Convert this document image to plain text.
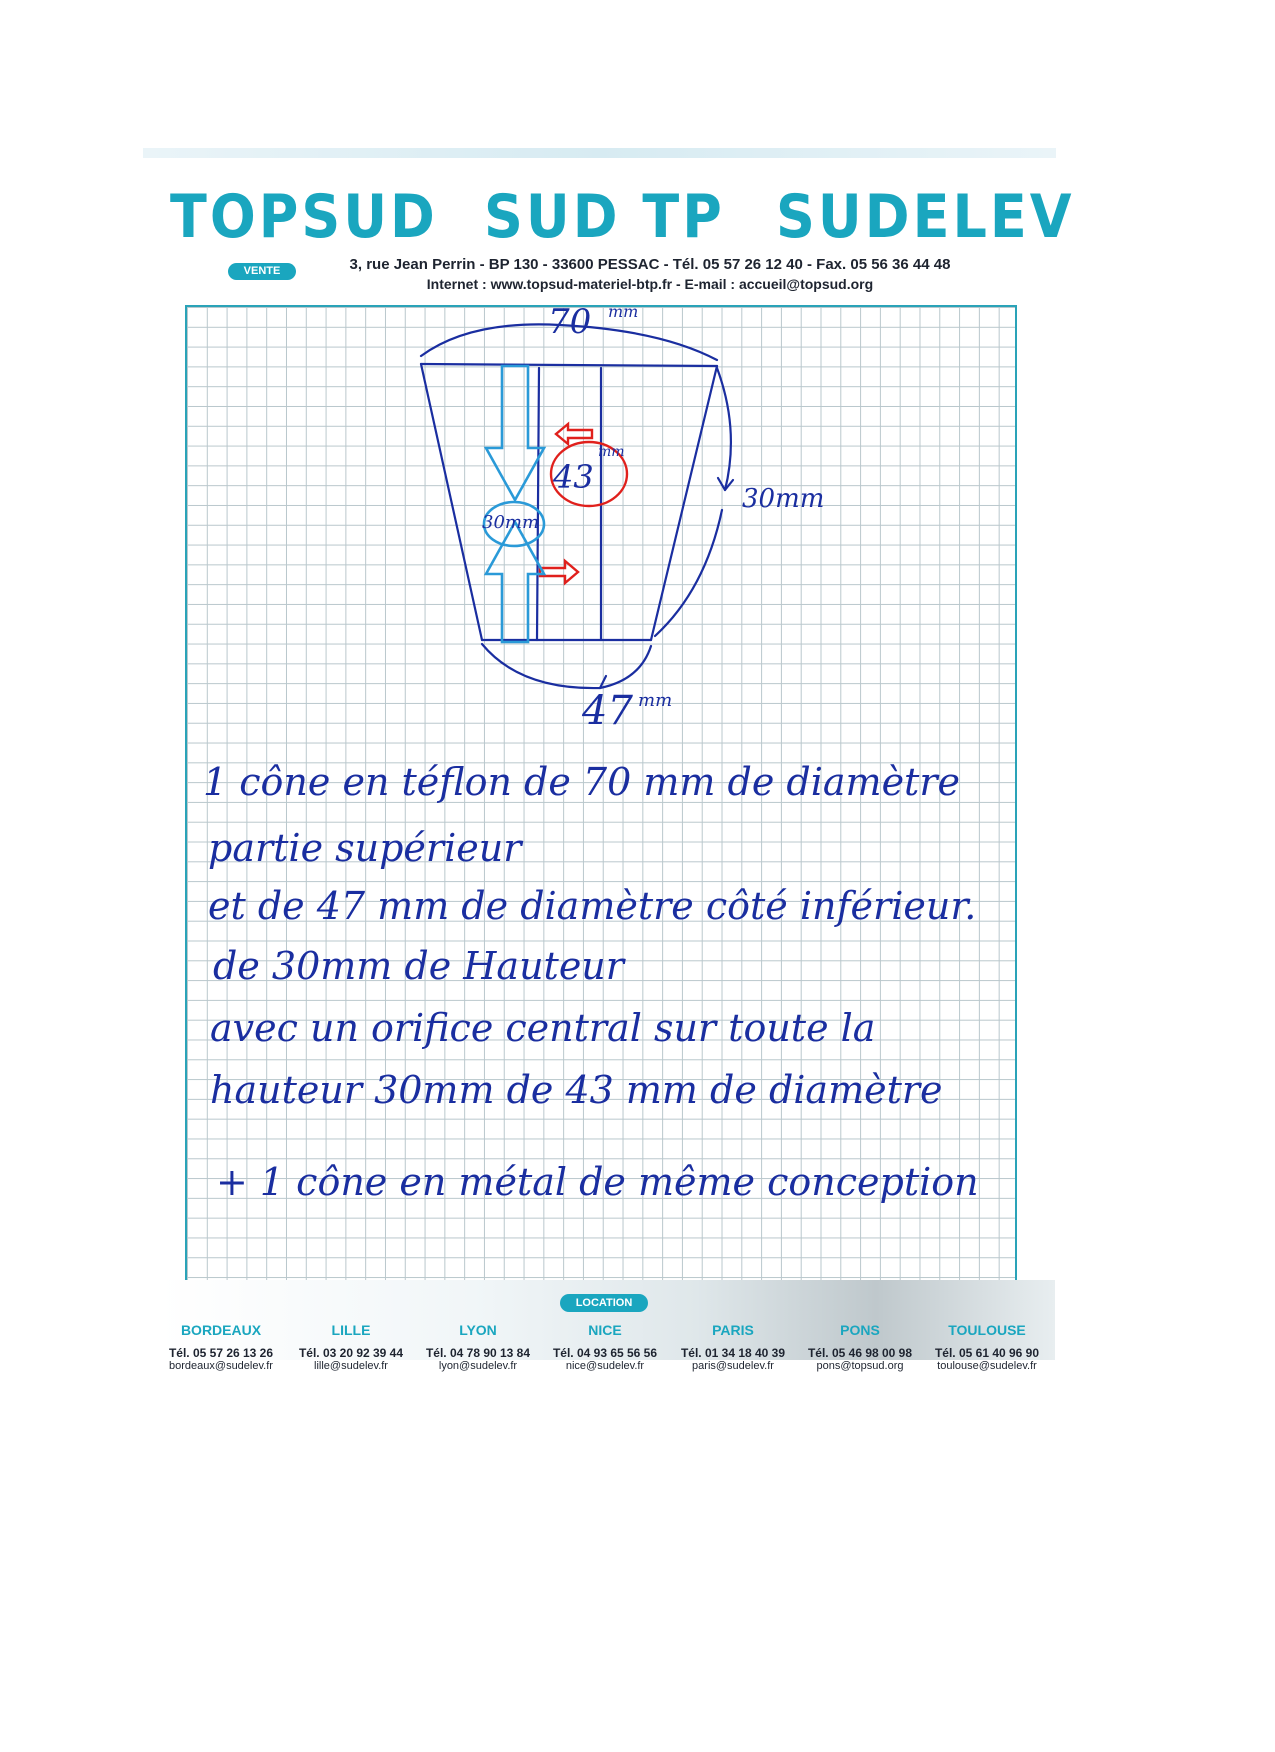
TOPSUD SUD TP SUDELEV
VENTE	3, rue Jean Perrin - BP 130 - 33600 PESSAC - Tél. 05 57 26 12 40 - Fax. 05 56 36 44 48
Internet : www.topsud-materiel-btp.fr - E-mail : accueil@topsud.org
70 mm
30mm
43
mm
30mm
47 mm
1 cône en téflon de 70 mm de diamètre
partie supérieur
et de 47 mm de diamètre côté inférieur.
de 30mm de Hauteur
avec un orifice central sur toute la
hauteur 30mm de 43 mm de diamètre
+ 1 cône en métal de même conception
LOCATION
BORDEAUX
Tél. 05 57 26 13 26
bordeaux@sudelev.fr
LILLE
Tél. 03 20 92 39 44
lille@sudelev.fr
LYON
Tél. 04 78 90 13 84
lyon@sudelev.fr
NICE
Tél. 04 93 65 56 56
nice@sudelev.fr
PARIS
Tél. 01 34 18 40 39
paris@sudelev.fr
PONS
Tél. 05 46 98 00 98
pons@topsud.org
TOULOUSE
Tél. 05 61 40 96 90
toulouse@sudelev.fr
